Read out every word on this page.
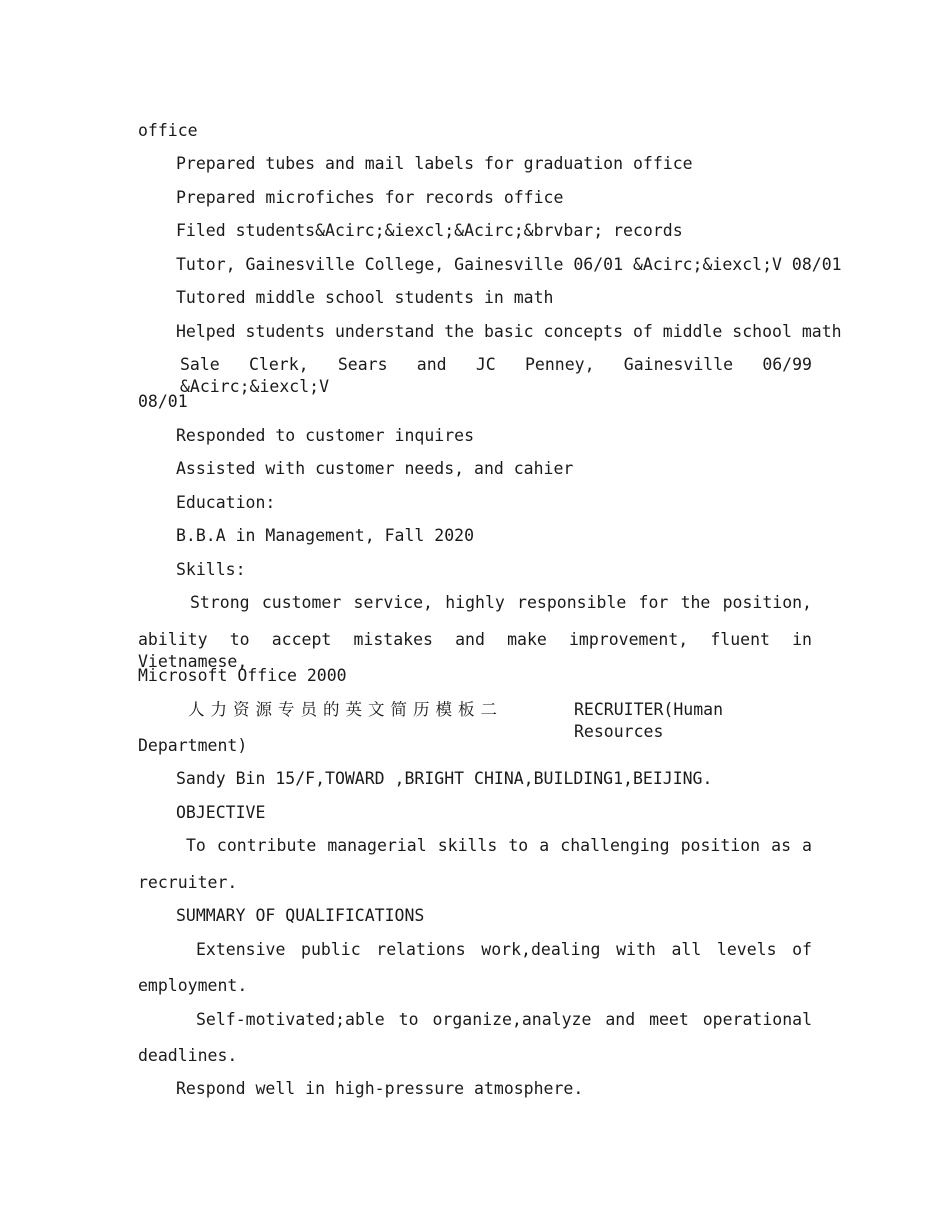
office
Prepared tubes and mail labels for graduation office
Prepared microfiches for records office
Filed students&Acirc;&iexcl;&Acirc;&brvbar; records
Tutor, Gainesville College, Gainesville 06/01 &Acirc;&iexcl;V 08/01
Tutored middle school students in math
Helped students understand the basic concepts of middle school math
Sale Clerk, Sears and JC Penney, Gainesville 06/99 &Acirc;&iexcl;V
08/01
Responded to customer inquires
Assisted with customer needs, and cahier
Education:
B.B.A in Management, Fall 2020
Skills:
Strong customer service, highly responsible for the position,
ability to accept mistakes and make improvement, fluent in Vietnamese,
Microsoft Office 2000
人力资源专员的英文简历模板二	RECRUITER(Human Resources
Department)
Sandy Bin 15/F,TOWARD ,BRIGHT CHINA,BUILDING1,BEIJING.
OBJECTIVE
To contribute managerial skills to a challenging position as a
recruiter.
SUMMARY OF QUALIFICATIONS
Extensive public relations work,dealing with all levels of
employment.
Self-motivated;able to organize,analyze and meet operational
deadlines.
Respond well in high-pressure atmosphere.
